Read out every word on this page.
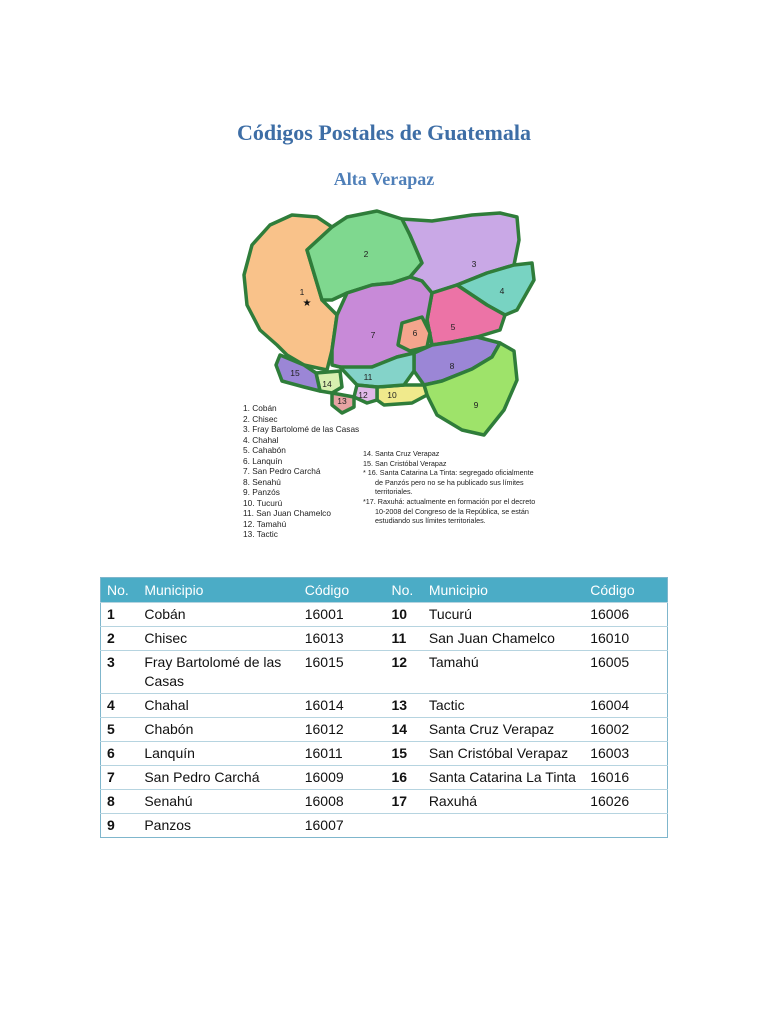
Códigos Postales de Guatemala
Alta Verapaz
1
2
3
4
5
6
7
8
9
10
11
12
13
14
15
★
1. Cobán
2. Chisec
3. Fray Bartolomé de las Casas
4. Chahal
5. Cahabón
6. Lanquín
7. San Pedro Carchá
8. Senahú
9. Panzós
10. Tucurú
11. San Juan Chamelco
12. Tamahú
13. Tactic
14. Santa Cruz Verapaz
15. San Cristóbal Verapaz
* 16. Santa Catarina La Tinta: segregado oficialmente
de Panzós pero no se ha publicado sus límites
territoriales.
*17. Raxuhá: actualmente en formación por el decreto
10-2008 del Congreso de la República, se están
estudiando sus límites territoriales.
No.	Municipio	Código	No.	Municipio	Código
1	Cobán	16001	10	Tucurú	16006
2	Chisec	16013	11	San Juan Chamelco	16010
3	Fray Bartolomé de las Casas	16015	12	Tamahú	16005
4	Chahal	16014	13	Tactic	16004
5	Chabón	16012	14	Santa Cruz Verapaz	16002
6	Lanquín	16011	15	San Cristóbal Verapaz	16003
7	San Pedro Carchá	16009	16	Santa Catarina La Tinta	16016
8	Senahú	16008	17	Raxuhá	16026
9	Panzos	16007			
